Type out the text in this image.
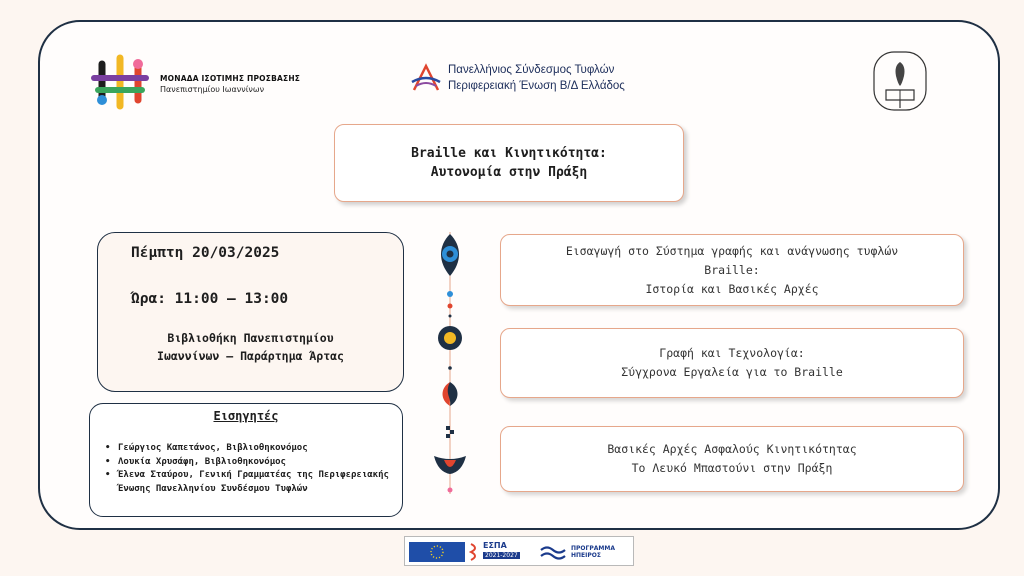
ΜΟΝΑΔΑ ΙΣΟΤΙΜΗΣ ΠΡΟΣΒΑΣΗΣ
Πανεπιστημίου Ιωαννίνων
Πανελλήνιος Σύνδεσμος Τυφλών
Περιφερειακή Ένωση Β/Δ Ελλάδος
Braille και Κινητικότητα:
Αυτονομία στην Πράξη
Πέμπτη 20/03/2025
Ώρα: 11:00 – 13:00
Βιβλιοθήκη Πανεπιστημίου
Ιωαννίνων – Παράρτημα Άρτας
Εισηγητές
• Γεώργιος Καπετάνος, Βιβλιοθηκονόμος
• Λουκία Χρυσάφη, Βιβλιοθηκονόμος
• Έλενα Σταύρου, Γενική Γραμματέας της Περιφερειακής Ένωσης Πανελληνίου Συνδέσμου Τυφλών
Εισαγωγή στο Σύστημα γραφής και ανάγνωσης τυφλών
Braille:
Ιστορία και Βασικές Αρχές
Γραφή και Τεχνολογία:
Σύγχρονα Εργαλεία για το Braille
Βασικές Αρχές Ασφαλούς Κινητικότητας
Το Λευκό Μπαστούνι στην Πράξη
ΕΣΠΑ
2021-2027
ΠΡΟΓΡΑΜΜΑ
ΗΠΕΙΡΟΣ
